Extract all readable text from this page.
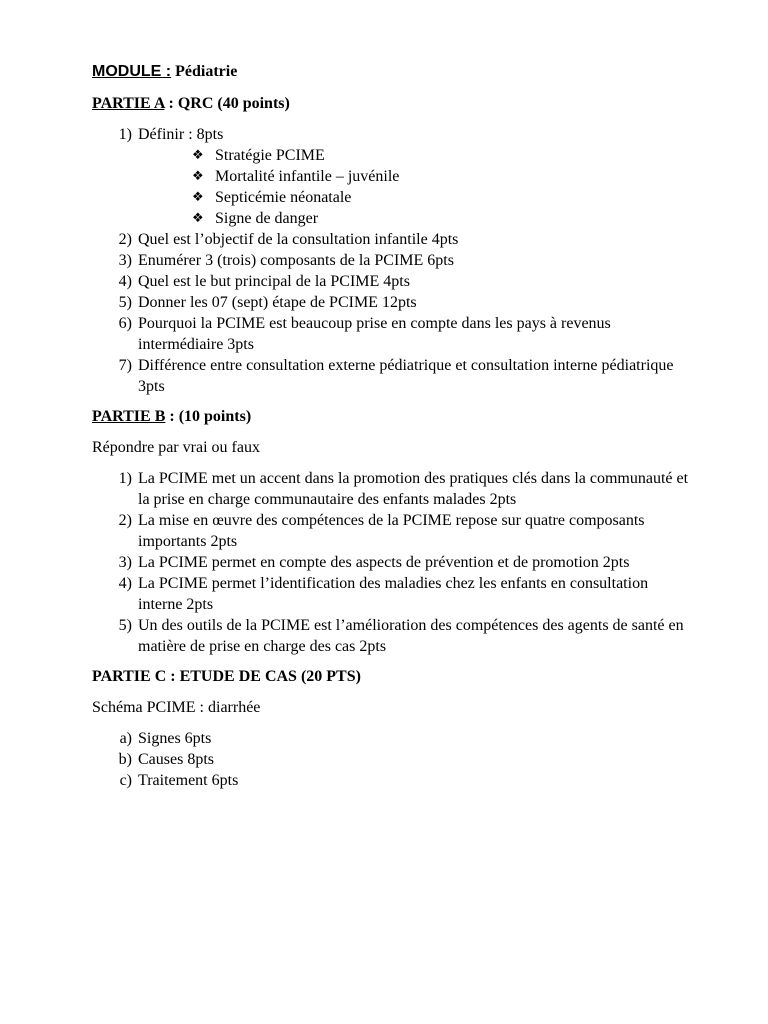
MODULE : Pédiatrie

PARTIE A : QRC (40 points)

1) Définir : 8pts
❖ Stratégie PCIME
❖ Mortalité infantile – juvénile
❖ Septicémie néonatale
❖ Signe de danger
2) Quel est l’objectif de la consultation infantile 4pts
3) Enumérer 3 (trois) composants de la PCIME 6pts
4) Quel est le but principal de la PCIME 4pts
5) Donner les 07 (sept) étape de PCIME 12pts
6) Pourquoi la PCIME est beaucoup prise en compte dans les pays à revenus intermédiaire 3pts
7) Différence entre consultation externe pédiatrique et consultation interne pédiatrique 3pts

PARTIE B : (10 points)

Répondre par vrai ou faux

1) La PCIME met un accent dans la promotion des pratiques clés dans la communauté et la prise en charge communautaire des enfants malades 2pts
2) La mise en œuvre des compétences de la PCIME repose sur quatre composants importants 2pts
3) La PCIME permet en compte des aspects de prévention et de promotion 2pts
4) La PCIME permet l’identification des maladies chez les enfants en consultation interne 2pts
5) Un des outils de la PCIME est l’amélioration des compétences des agents de santé en matière de prise en charge des cas 2pts

PARTIE C : ETUDE DE CAS (20 PTS)

Schéma PCIME : diarrhée

a) Signes 6pts
b) Causes 8pts
c) Traitement 6pts
